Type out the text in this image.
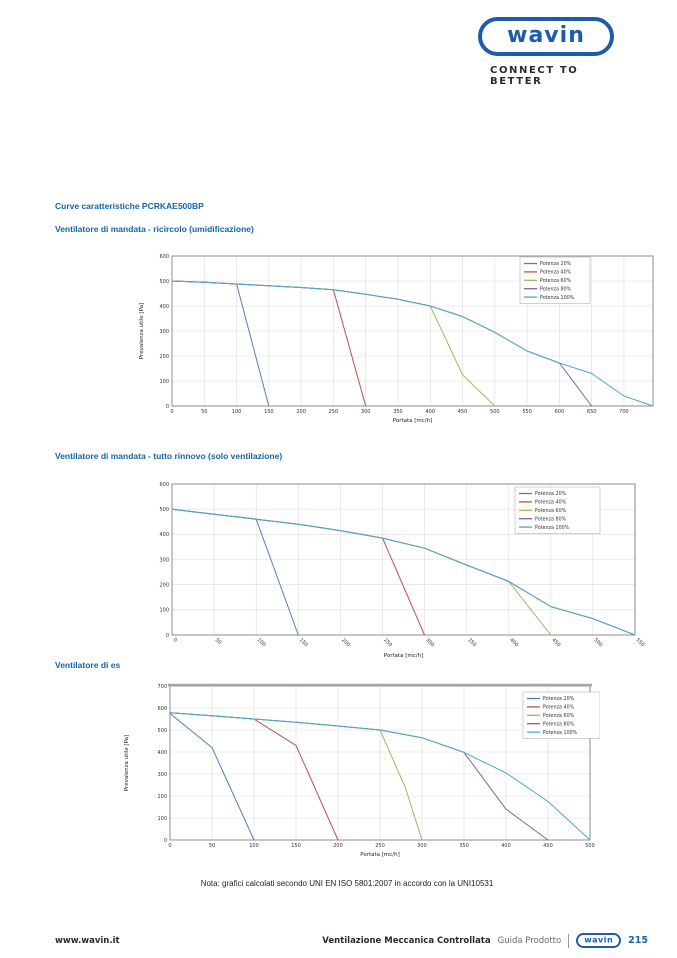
wavin
CONNECT TO BETTER
Curve caratteristiche PCRKAE500BP
Ventilatore di mandata - ricircolo (umidificazione)
0	50	100	150	200	250	300	350	400	450	500	550	600	650	700
0
100
200
300
400
500
600
Portata [mc/h]
Prevalenza utile [Pa]
Potenza 20%
Potenza 40%
Potenza 60%
Potenza 80%
Potenza 100%
Ventilatore di mandata - tutto rinnovo (solo ventilazione)
0	50	100	150	200	250	300	350	400	450	500	550
0
100
200
300
400
500
600
Portata [mc/h]
Potenza 20%
Potenza 40%
Potenza 60%
Potenza 80%
Potenza 100%
Ventilatore di es
0	50	100	150	200	250	300	350	400	450	500
0
100
200
300
400
500
600
700
Portata [mc/h]
Prevalenza utile [Pa]
Potenza 20%
Potenza 40%
Potenza 60%
Potenza 80%
Potenza 100%
Nota: grafici calcolati secondo UNI EN ISO 5801:2007 in accordo con la UNI10531
www.wavin.it	Ventilazione Meccanica Controllata Guida Prodotto	wavin 215
